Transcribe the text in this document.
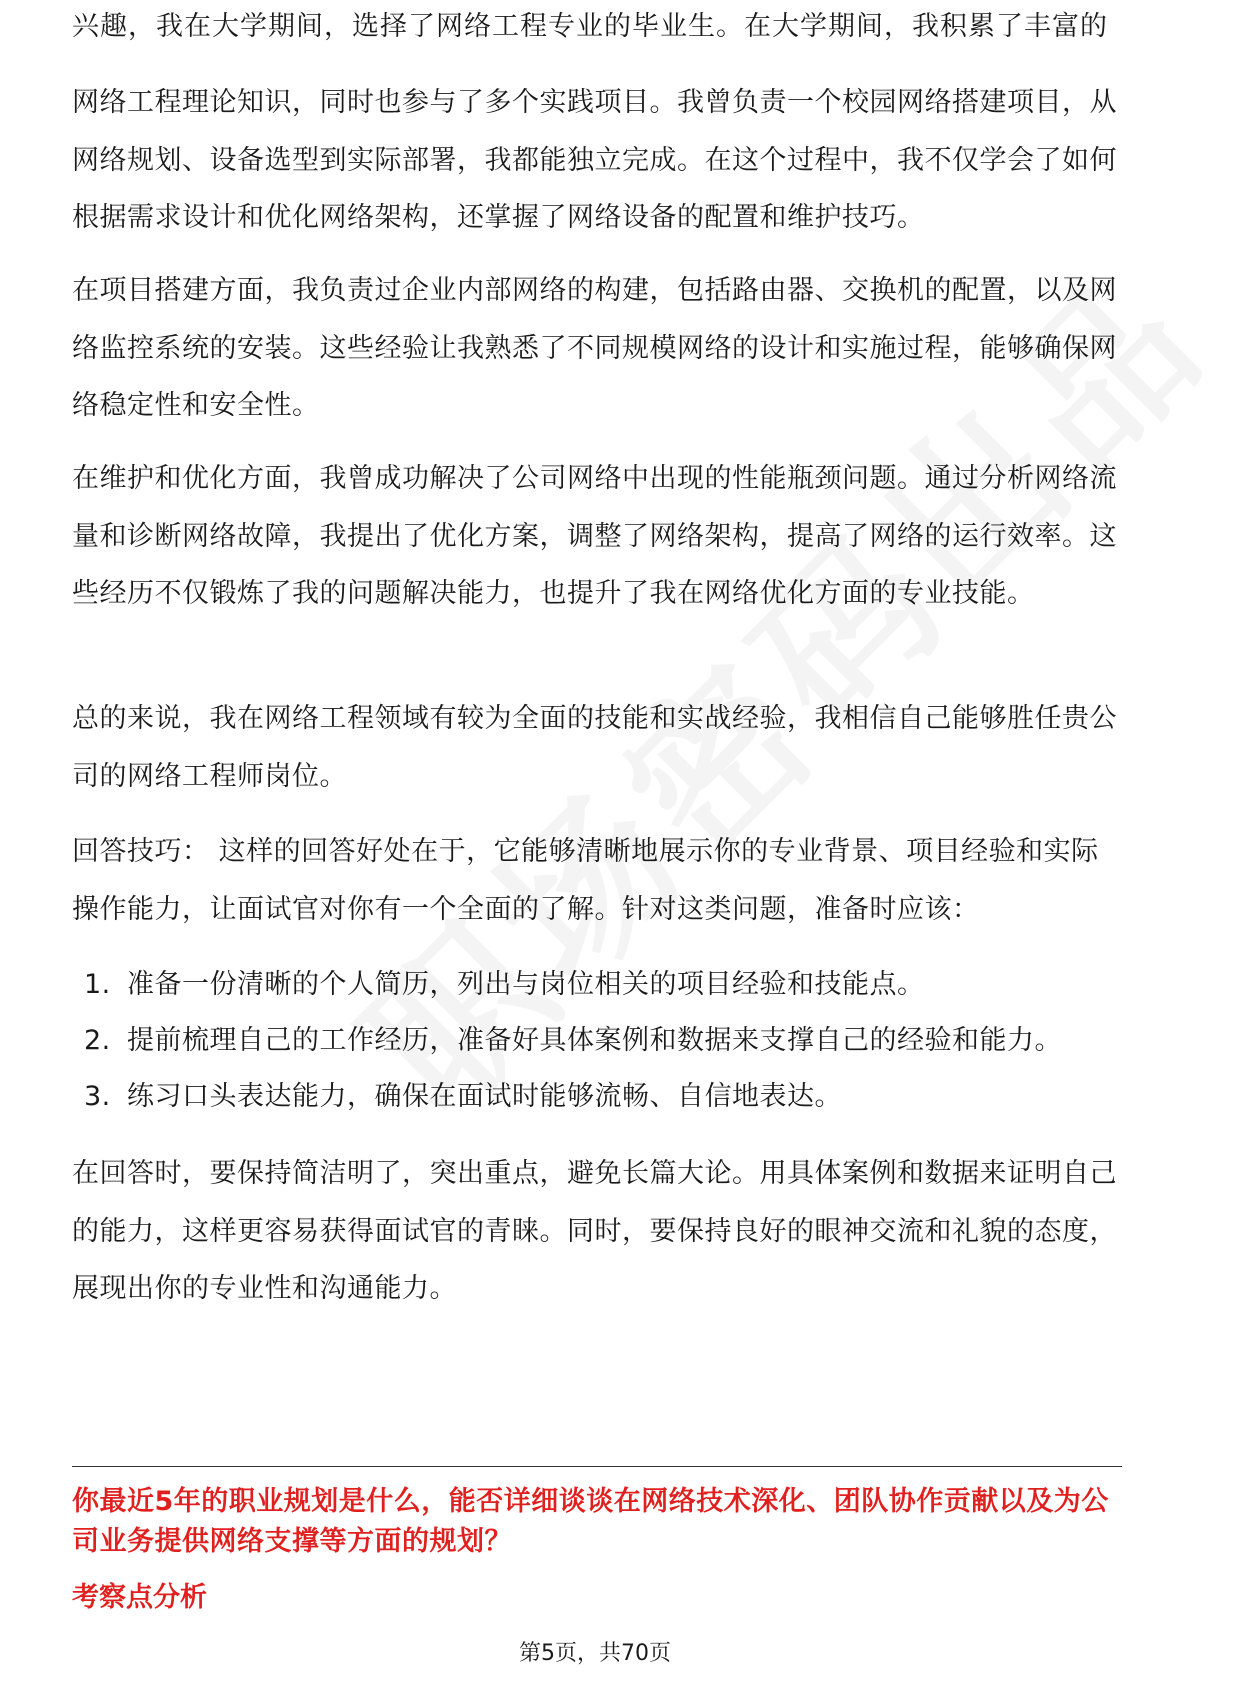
兴趣，我在大学期间，选择了网络工程专业的毕业生。在大学期间，我积累了丰富的

网络工程理论知识，同时也参与了多个实践项目。我曾负责一个校园网络搭建项目，从网络规划、设备选型到实际部署，我都能独立完成。在这个过程中，我不仅学会了如何根据需求设计和优化网络架构，还掌握了网络设备的配置和维护技巧。

在项目搭建方面，我负责过企业内部网络的构建，包括路由器、交换机的配置，以及网络监控系统的安装。这些经验让我熟悉了不同规模网络的设计和实施过程，能够确保网络稳定性和安全性。

在维护和优化方面，我曾成功解决了公司网络中出现的性能瓶颈问题。通过分析网络流量和诊断网络故障，我提出了优化方案，调整了网络架构，提高了网络的运行效率。这些经历不仅锻炼了我的问题解决能力，也提升了我在网络优化方面的专业技能。

总的来说，我在网络工程领域有较为全面的技能和实战经验，我相信自己能够胜任贵公司的网络工程师岗位。

回答技巧： 这样的回答好处在于，它能够清晰地展示你的专业背景、项目经验和实际操作能力，让面试官对你有一个全面的了解。针对这类问题，准备时应该：

1. 准备一份清晰的个人简历，列出与岗位相关的项目经验和技能点。
2. 提前梳理自己的工作经历，准备好具体案例和数据来支撑自己的经验和能力。
3. 练习口头表达能力，确保在面试时能够流畅、自信地表达。

在回答时，要保持简洁明了，突出重点，避免长篇大论。用具体案例和数据来证明自己的能力，这样更容易获得面试官的青睐。同时，要保持良好的眼神交流和礼貌的态度，展现出你的专业性和沟通能力。

你最近5年的职业规划是什么，能否详细谈谈在网络技术深化、团队协作贡献以及为公司业务提供网络支撑等方面的规划？

考察点分析

第5页，共70页
